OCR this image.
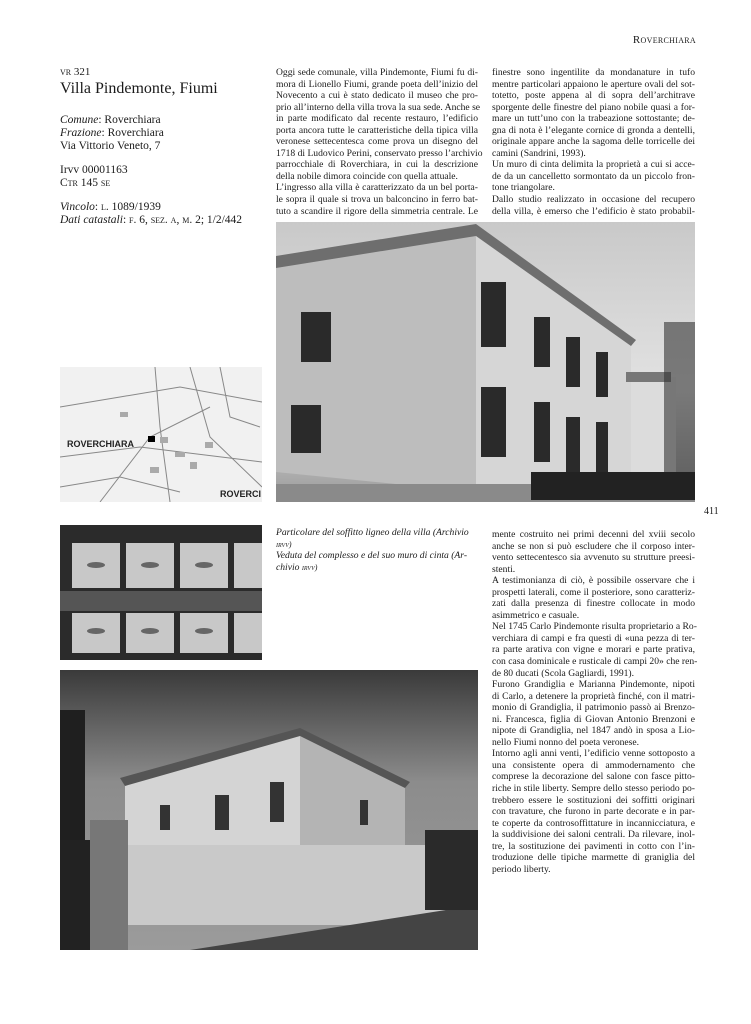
Roverchiara
411
vr 321
Villa Pindemonte, Fiumi
Comune: Roverchiara
Frazione: Roverchiara
Via Vittorio Veneto, 7
Irvv 00001163
Ctr 145 se
Vincolo: l. 1089/1939
Dati catastali: f. 6, sez. a, m. 2; 1/2/442
Oggi sede comunale, villa Pindemonte, Fiumi fu di-
mora di Lionello Fiumi, grande poeta dell’inizio del
Novecento a cui è stato dedicato il museo che pro-
prio all’interno della villa trova la sua sede. Anche se
in parte modificato dal recente restauro, l’edificio
porta ancora tutte le caratteristiche della tipica villa
veronese settecentesca come prova un disegno del
1718 di Ludovico Perini, conservato presso l’archivio
parrocchiale di Roverchiara, in cui la descrizione
della nobile dimora coincide con quella attuale.
L’ingresso alla villa è caratterizzato da un bel porta-
le sopra il quale si trova un balconcino in ferro bat-
tuto a scandire il rigore della simmetria centrale. Le
finestre sono ingentilite da mondanature in tufo
mentre particolari appaiono le aperture ovali del sot-
totetto, poste appena al di sopra dell’architrave
sporgente delle finestre del piano nobile quasi a for-
mare un tutt’uno con la trabeazione sottostante; de-
gna di nota è l’elegante cornice di gronda a dentelli,
originale appare anche la sagoma delle torricelle dei
camini (Sandrini, 1993).
Un muro di cinta delimita la proprietà a cui si acce-
de da un cancelletto sormontato da un piccolo fron-
tone triangolare.
Dallo studio realizzato in occasione del recupero
della villa, è emerso che l’edificio è stato probabil-
mente costruito nei primi decenni del xviii secolo
anche se non si può escludere che il corposo inter-
vento settecentesco sia avvenuto su strutture preesi-
stenti.
A testimonianza di ciò, è possibile osservare che i
prospetti laterali, come il posteriore, sono caratteriz-
zati dalla presenza di finestre collocate in modo
asimmetrico e casuale.
Nel 1745 Carlo Pindemonte risulta proprietario a Ro-
verchiara di campi e fra questi di «una pezza di ter-
ra parte arativa con vigne e morari e parte prativa,
con casa dominicale e rusticale di campi 20» che ren-
de 80 ducati (Scola Gagliardi, 1991).
Furono Grandiglia e Marianna Pindemonte, nipoti
di Carlo, a detenere la proprietà finché, con il matri-
monio di Grandiglia, il patrimonio passò ai Brenzo-
ni. Francesca, figlia di Giovan Antonio Brenzoni e
nipote di Grandiglia, nel 1847 andò in sposa a Lio-
nello Fiumi nonno del poeta veronese.
Intorno agli anni venti, l’edificio venne sottoposto a
una consistente opera di ammodernamento che
comprese la decorazione del salone con fasce pitto-
riche in stile liberty. Sempre dello stesso periodo po-
trebbero essere le sostituzioni dei soffitti originari
con travature, che furono in parte decorate e in par-
te coperte da controsoffittature in incannicciatura, e
la suddivisione dei saloni centrali. Da rilevare, inol-
tre, la sostituzione dei pavimenti in cotto con l’in-
troduzione delle tipiche marmette di graniglia del
periodo liberty.
Particolare del soffitto ligneo della villa (Archivio
irvv)
Veduta del complesso e del suo muro di cinta (Ar-
chivio irvv)
ROVERCHIARA
ROVERCI
